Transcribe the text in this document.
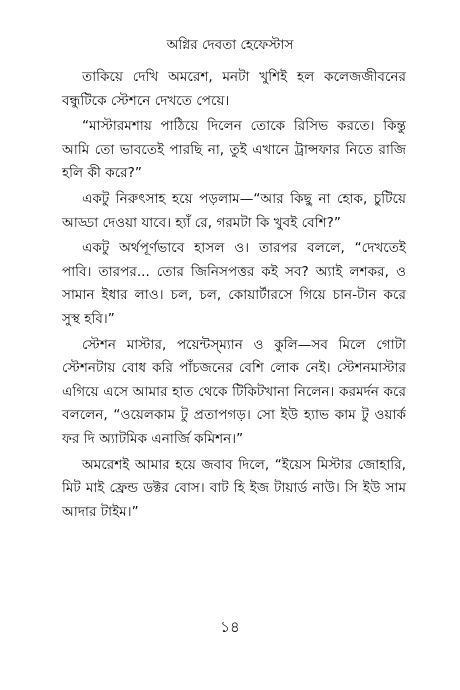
অগ্নির দেবতা হেফেস্টাস

তাকিয়ে দেখি অমরেশ, মনটা খুশিই হল কলেজজীবনের বন্ধুটিকে স্টেশনে দেখতে পেয়ে।

“মাস্টারমশায় পাঠিয়ে দিলেন তোকে রিসিভ করতে। কিন্তু আমি তো ভাবতেই পারছি না, তুই এখানে ট্রান্সফার নিতে রাজি হলি কী করে?”

একটু নিরুৎসাহ হয়ে পড়লাম—“আর কিছু না হোক, চুটিয়ে আড্ডা দেওয়া যাবে। হ্যাঁ রে, গরমটা কি খুবই বেশি?”

একটু অর্থপূর্ণভাবে হাসল ও। তারপর বললে, “দেখতেই পাবি। তারপর... তোর জিনিসপত্তর কই সব? অ্যাই লশকর, ও সামান ইধার লাও। চল, চল, কোয়ার্টারসে গিয়ে চান-টান করে সুস্থ হবি।”

স্টেশন মাস্টার, পয়েন্টস্‌ম্যান ও কুলি—সব মিলে গোটা স্টেশনটায় বোধ করি পাঁচজনের বেশি লোক নেই। স্টেশনমাস্টার এগিয়ে এসে আমার হাত থেকে টিকিটখানা নিলেন। করমর্দন করে বললেন, “ওয়েলকাম টু প্রতাপগড়। সো ইউ হ্যাভ কাম টু ওয়ার্ক ফর দি অ্যাটমিক এনার্জি কমিশন।”

অমরেশই আমার হয়ে জবাব দিলে, “ইয়েস মিস্টার জোহারি, মিট মাই ফ্রেন্ড ডক্টর বোস। বাট হি ইজ টায়ার্ড নাউ। সি ইউ সাম আদার টাইম।”

১৪
